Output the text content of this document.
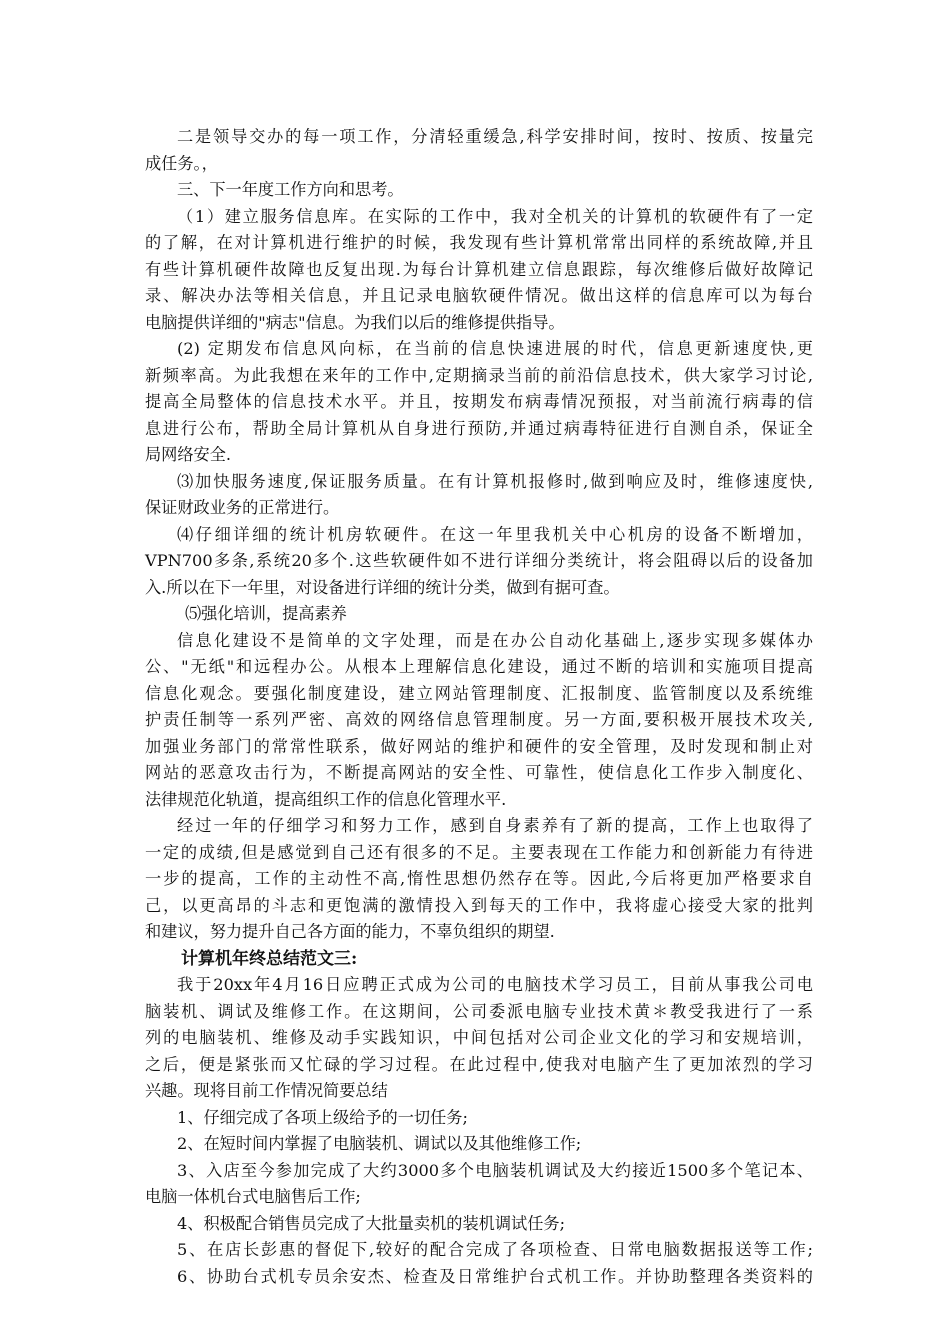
二是领导交办的每一项工作，分清轻重缓急,科学安排时间，按时、按质、按量完
成任务。，
三、下一年度工作方向和思考。
（1）建立服务信息库。在实际的工作中，我对全机关的计算机的软硬件有了一定
的了解，在对计算机进行维护的时候，我发现有些计算机常常出同样的系统故障,并且
有些计算机硬件故障也反复出现.为每台计算机建立信息跟踪，每次维修后做好故障记
录、解决办法等相关信息，并且记录电脑软硬件情况。做出这样的信息库可以为每台
电脑提供详细的"病志"信息。为我们以后的维修提供指导。
(2) 定期发布信息风向标，在当前的信息快速进展的时代，信息更新速度快,更
新频率高。为此我想在来年的工作中,定期摘录当前的前沿信息技术，供大家学习讨论,
提高全局整体的信息技术水平。并且，按期发布病毒情况预报，对当前流行病毒的信
息进行公布，帮助全局计算机从自身进行预防,并通过病毒特征进行自测自杀，保证全
局网络安全.
⑶加快服务速度,保证服务质量。在有计算机报修时,做到响应及时，维修速度快,
保证财政业务的正常进行。
⑷仔细详细的统计机房软硬件。在这一年里我机关中心机房的设备不断增加，
VPN700多条,系统20多个.这些软硬件如不进行详细分类统计，将会阻碍以后的设备加
入.所以在下一年里，对设备进行详细的统计分类，做到有据可查。
⑸强化培训，提高素养
信息化建设不是简单的文字处理，而是在办公自动化基础上,逐步实现多媒体办
公、"无纸"和远程办公。从根本上理解信息化建设，通过不断的培训和实施项目提高
信息化观念。要强化制度建设，建立网站管理制度、汇报制度、监管制度以及系统维
护责任制等一系列严密、高效的网络信息管理制度。另一方面,要积极开展技术攻关,
加强业务部门的常常性联系，做好网站的维护和硬件的安全管理，及时发现和制止对
网站的恶意攻击行为，不断提高网站的安全性、可靠性，使信息化工作步入制度化、
法律规范化轨道，提高组织工作的信息化管理水平.
经过一年的仔细学习和努力工作，感到自身素养有了新的提高，工作上也取得了
一定的成绩,但是感觉到自己还有很多的不足。主要表现在工作能力和创新能力有待进
一步的提高，工作的主动性不高,惰性思想仍然存在等。因此,今后将更加严格要求自
己，以更高昂的斗志和更饱满的激情投入到每天的工作中，我将虚心接受大家的批判
和建议，努力提升自己各方面的能力，不辜负组织的期望.
计算机年终总结范文三:
我于20xx年4月16日应聘正式成为公司的电脑技术学习员工，目前从事我公司电
脑装机、调试及维修工作。在这期间，公司委派电脑专业技术黄＊教受我进行了一系
列的电脑装机、维修及动手实践知识，中间包括对公司企业文化的学习和安规培训，
之后，便是紧张而又忙碌的学习过程。在此过程中,使我对电脑产生了更加浓烈的学习
兴趣。现将目前工作情况简要总结
1、仔细完成了各项上级给予的一切任务;
2、在短时间内掌握了电脑装机、调试以及其他维修工作;
3、入店至今参加完成了大约3000多个电脑装机调试及大约接近1500多个笔记本、
电脑一体机台式电脑售后工作;
4、积极配合销售员完成了大批量卖机的装机调试任务;
5、在店长彭惠的督促下,较好的配合完成了各项检查、日常电脑数据报送等工作;
6、协助台式机专员余安杰、检查及日常维护台式机工作。并协助整理各类资料的
